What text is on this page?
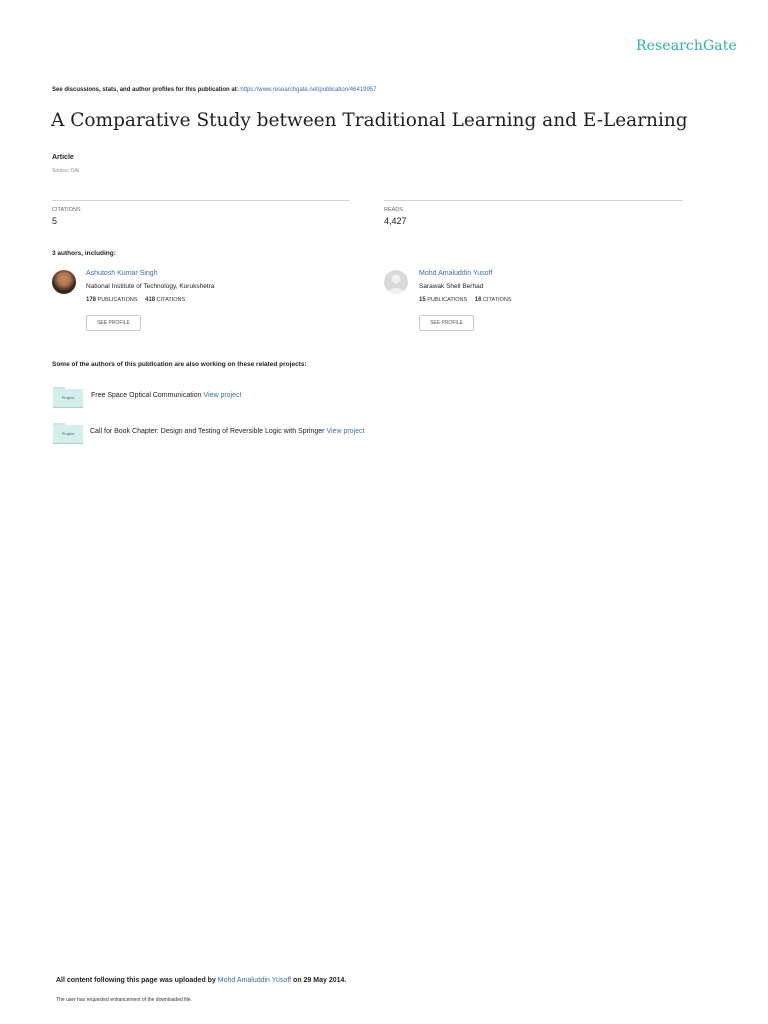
ResearchGate
See discussions, stats, and author profiles for this publication at: https://www.researchgate.net/publication/46419957
A Comparative Study between Traditional Learning and E-Learning
Article
Source: OAI
CITATIONS
5
READS
4,427
3 authors, including:
Ashutosh Kumar Singh
National Institute of Technology, Kurukshetra
178 PUBLICATIONS 418 CITATIONS
SEE PROFILE
Mohd Amaluddin Yusoff
Sarawak Shell Berhad
15 PUBLICATIONS 16 CITATIONS
SEE PROFILE
Some of the authors of this publication are also working on these related projects:
Project	Free Space Optical Communication View project
Project	Call for Book Chapter: Design and Testing of Reversible Logic with Springer View project
All content following this page was uploaded by Mohd Amaluddin Yusoff on 29 May 2014.
The user has requested enhancement of the downloaded file.
